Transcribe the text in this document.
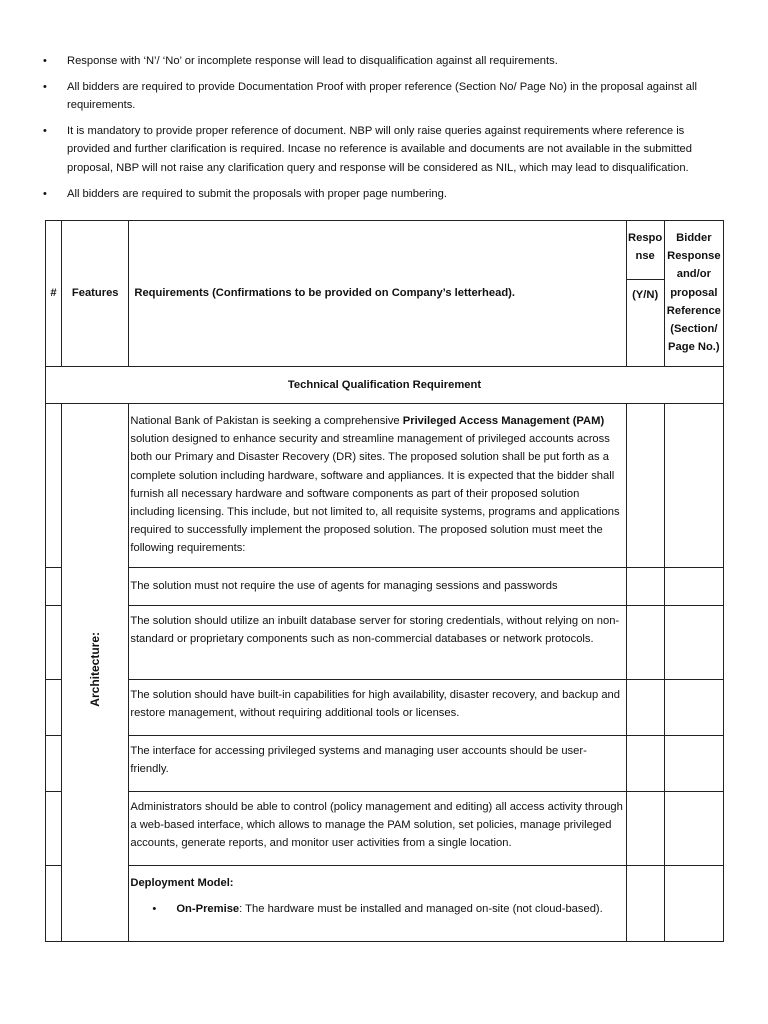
• Response with ‘N’/ ‘No’ or incomplete response will lead to disqualification against all requirements.
• All bidders are required to provide Documentation Proof with proper reference (Section No/ Page No) in the proposal against all requirements.
• It is mandatory to provide proper reference of document. NBP will only raise queries against requirements where reference is provided and further clarification is required. Incase no reference is available and documents are not available in the submitted proposal, NBP will not raise any clarification query and response will be considered as NIL, which may lead to disqualification.
• All bidders are required to submit the proposals with proper page numbering.
#	Features	Requirements (Confirmations to be provided on Company’s letterhead).	Response	Bidder Response and/or proposal Reference (Section/ Page No.)
			(Y/N)	
Technical Qualification Requirement				
	Architecture:	National Bank of Pakistan is seeking a comprehensive Privileged Access Management (PAM) solution designed to enhance security and streamline management of privileged accounts across both our Primary and Disaster Recovery (DR) sites. The proposed solution shall be put forth as a complete solution including hardware, software and appliances. It is expected that the bidder shall furnish all necessary hardware and software components as part of their proposed solution including licensing. This include, but not limited to, all requisite systems, programs and applications required to successfully implement the proposed solution. The proposed solution must meet the following requirements:		
		The solution must not require the use of agents for managing sessions and passwords		
		The solution should utilize an inbuilt database server for storing credentials, without relying on non-standard or proprietary components such as non-commercial databases or network protocols.		
		The solution should have built-in capabilities for high availability, disaster recovery, and backup and restore management, without requiring additional tools or licenses.		
		The interface for accessing privileged systems and managing user accounts should be user-friendly.		
		Administrators should be able to control (policy management and editing) all access activity through a web-based interface, which allows to manage the PAM solution, set policies, manage privileged accounts, generate reports, and monitor user activities from a single location.		

		Deployment Model:
• On-Premise: The hardware must be installed and managed on-site (not cloud-based).		
